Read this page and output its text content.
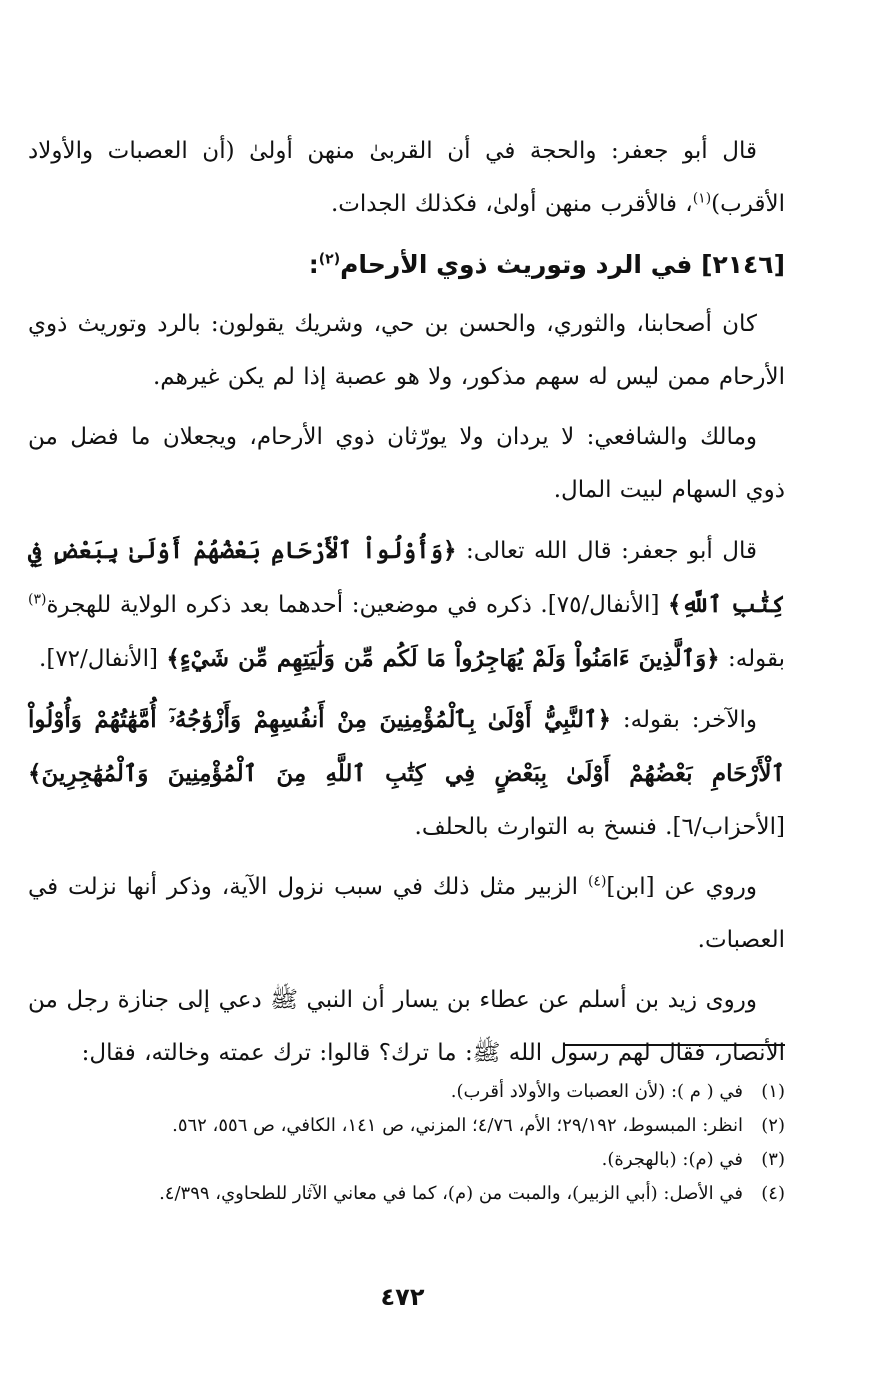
قال أبو جعفر: والحجة في أن القربىٰ منهن أولىٰ (أن العصبات والأولاد الأقرب)$^{(١)}$، فالأقرب منهن أولىٰ، فكذلك الجدات.

[٢١٤٦] في الرد وتوريث ذوي الأرحام$^{(٢)}$:

كان أصحابنا، والثوري، والحسن بن حي، وشريك يقولون: بالرد وتوريث ذوي الأرحام ممن ليس له سهم مذكور، ولا هو عصبة إذا لم يكن غيرهم.

ومالك والشافعي: لا يردان ولا يورّثان ذوي الأرحام، ويجعلان ما فضل من ذوي السهام لبيت المال.

قال أبو جعفر: قال الله تعالى: ﴿وَأُوْلُواْ ٱلْأَرْحَامِ بَعْضُهُمْ أَوْلَىٰ بِبَعْضٍ فِي كِتَٰبِ ٱللَّهِ﴾ [الأنفال/٧٥]. ذكره في موضعين: أحدهما بعد ذكره الولاية للهجرة$^{(٣)}$ بقوله: ﴿وَٱلَّذِينَ ءَامَنُواْ وَلَمْ يُهَاجِرُواْ مَا لَكُم مِّن وَلَٰيَتِهِم مِّن شَيْءٍ﴾ [الأنفال/٧٢].

والآخر: بقوله: ﴿ٱلنَّبِيُّ أَوْلَىٰ بِٱلْمُؤْمِنِينَ مِنْ أَنفُسِهِمْ وَأَزْوَٰجُهُۥٓ أُمَّهَٰتُهُمْ وَأُوْلُواْ ٱلْأَرْحَامِ بَعْضُهُمْ أَوْلَىٰ بِبَعْضٍ فِي كِتَٰبِ ٱللَّهِ مِنَ ٱلْمُؤْمِنِينَ وَٱلْمُهَٰجِرِينَ﴾ [الأحزاب/٦]. فنسخ به التوارث بالحلف.

وروي عن [ابن]$^{(٤)}$ الزبير مثل ذلك في سبب نزول الآية، وذكر أنها نزلت في العصبات.

وروى زيد بن أسلم عن عطاء بن يسار أن النبي ﷺ دعي إلى جنازة رجل من الأنصار، فقال لهم رسول الله ﷺ: ما ترك؟ قالوا: ترك عمته وخالته، فقال:

(١)
في ( م ): (لأن العصبات والأولاد أقرب).

(٢)
انظر: المبسوط، ٢٩/١٩٢؛ الأم، ٤/٧٦؛ المزني، ص ١٤١، الكافي، ص ٥٥٦، ٥٦٢.

(٣)
في (م): (بالهجرة).

(٤)
في الأصل: (أبي الزبير)، والمبت من (م)، كما في معاني الآثار للطحاوي، ٤/٣٩٩.

٤٧٢
